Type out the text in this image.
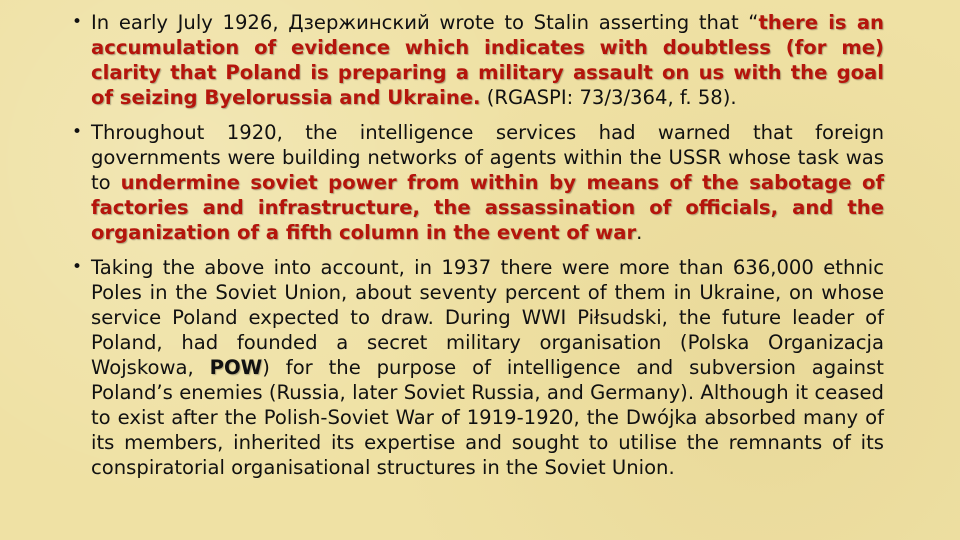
• In early July 1926, Дзержинский wrote to Stalin asserting that “there is an accumulation of evidence which indicates with doubtless (for me) clarity that Poland is preparing a military assault on us with the goal of seizing Byelorussia and Ukraine. (RGASPI: 73/3/364, f. 58).

• Throughout 1920, the intelligence services had warned that foreign governments were building networks of agents within the USSR whose task was to undermine soviet power from within by means of the sabotage of factories and infrastructure, the assassination of officials, and the organization of a fifth column in the event of war.

• Taking the above into account, in 1937 there were more than 636,000 ethnic Poles in the Soviet Union, about seventy percent of them in Ukraine, on whose service Poland expected to draw. During WWI Piłsudski, the future leader of Poland, had founded a secret military organisation (Polska Organizacja Wojskowa, POW) for the purpose of intelligence and subversion against Poland’s enemies (Russia, later Soviet Russia, and Germany). Although it ceased to exist after the Polish-Soviet War of 1919-1920, the Dwójka absorbed many of its members, inherited its expertise and sought to utilise the remnants of its conspiratorial organisational structures in the Soviet Union.
